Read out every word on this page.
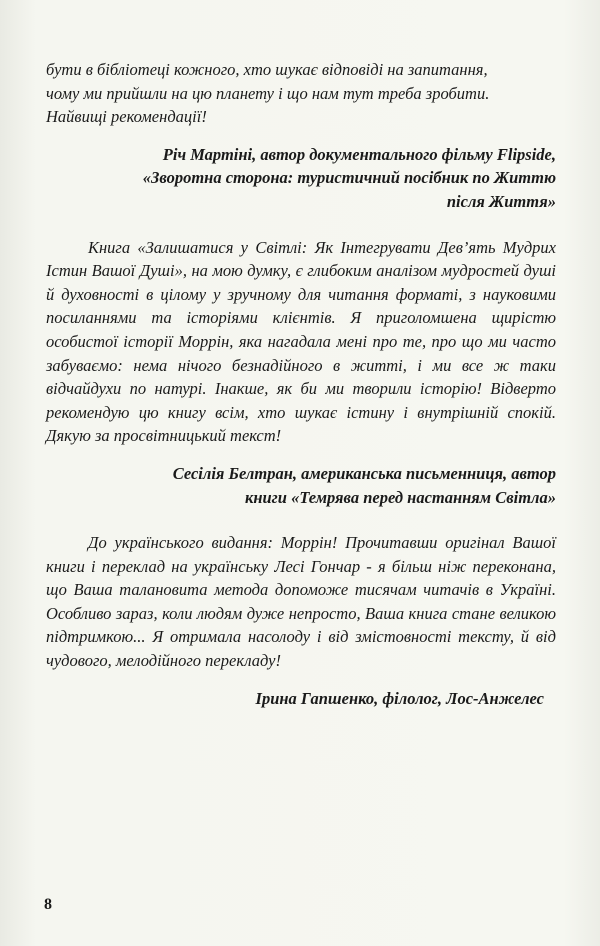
бути в бібліотеці кожного, хто шукає відповіді на запитання,
чому ми прийшли на цю планету і що нам тут треба зробити.
Найвищі рекомендації!

Річ Мартіні, автор документального фільму Flipside,
«Зворотна сторона: туристичний посібник по Життю
після Життя»

Книга «Залишатися у Світлі: Як Інтегрувати Дев’ять Мудрих Істин Вашої Душі», на мою думку, є глибоким аналізом мудростей душі й духовності в цілому у зручному для читання форматі, з науковими посиланнями та історіями клієнтів. Я приголомшена щирістю особистої історії Моррін, яка нагадала мені про те, про що ми часто забуваємо: нема нічого безнадійного в житті, і ми все ж таки відчайдухи по натурі. Інакше, як би ми творили історію! Відверто рекомендую цю книгу всім, хто шукає істину і внутрішній спокій. Дякую за просвітницький текст!

Сесілія Белтран, американська письменниця, автор
книги «Темрява перед настанням Світла»

До українського видання: Моррін! Прочитавши оригінал Вашої книги і переклад на українську Лесі Гончар - я більш ніж переконана, що Ваша талановита метода допоможе тисячам читачів в Україні. Особливо зараз, коли людям дуже непросто, Ваша книга стане великою підтримкою... Я отримала насолоду і від змістовності тексту, й від чудового, мелодійного перекладу!

Ірина Гапшенко, філолог, Лос-Анжелес

8
